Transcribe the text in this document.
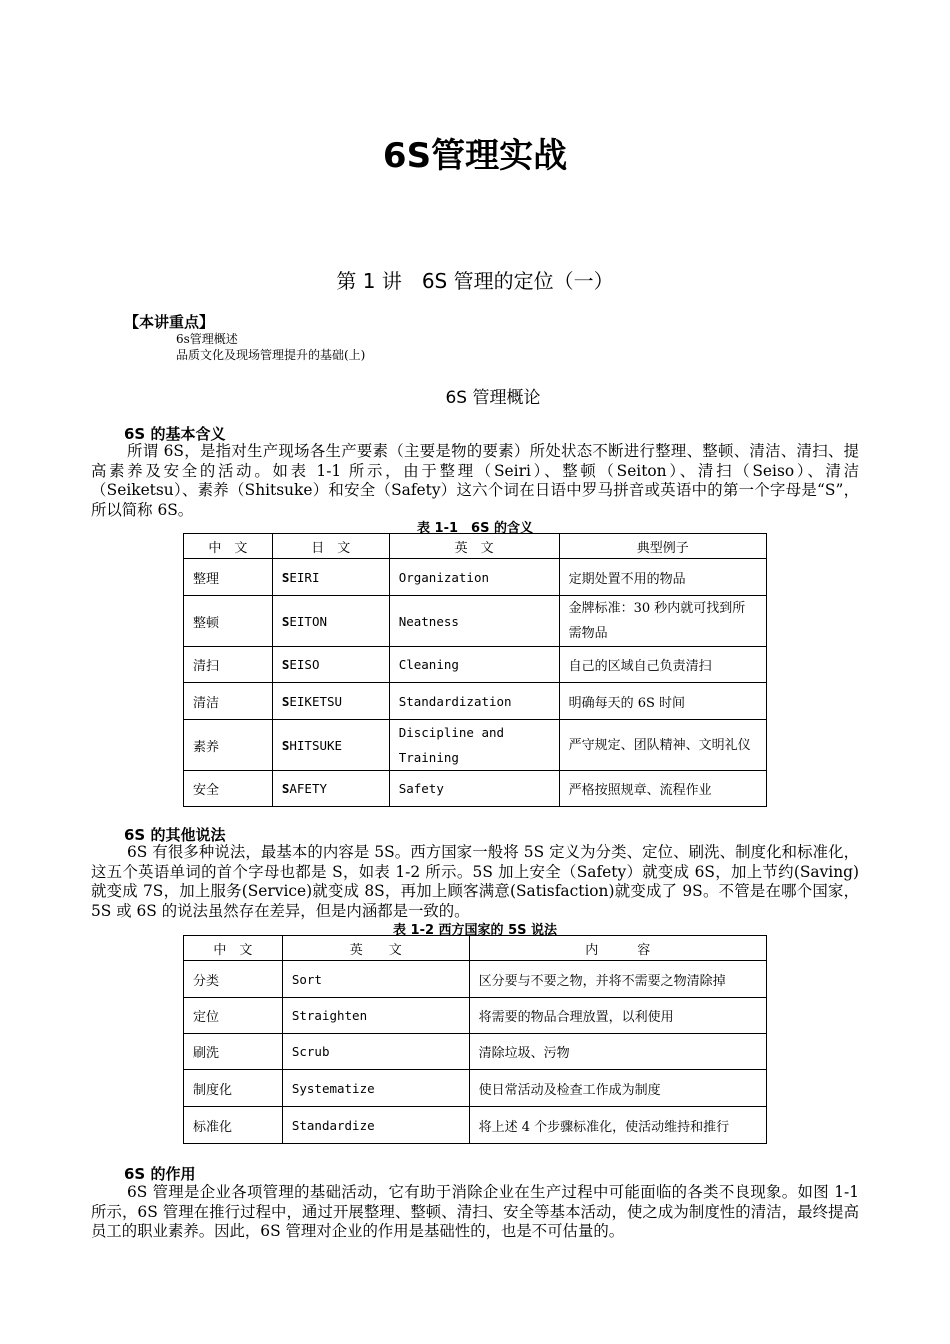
6S管理实战
第 1 讲　6S 管理的定位（一）
【本讲重点】
6s管理概述
品质文化及现场管理提升的基础(上)
6S 管理概论
6S 的基本含义

所谓 6S，是指对生产现场各生产要素（主要是物的要素）所处状态不断进行整理、整顿、清洁、清扫、提高素养及安全的活动。如表 1-1 所示，由于整理（Seiri）、整顿（Seiton）、清扫（Seiso）、清洁（Seiketsu）、素养（Shitsuke）和安全（Safety）这六个词在日语中罗马拼音或英语中的第一个字母是“S”，所以简称 6S。

表 1-1　6S 的含义
中　文	日　文	英　文	典型例子
整理	SEIRI	Organization	定期处置不用的物品
整顿	SEITON	Neatness	金牌标准：30 秒内就可找到所需物品
清扫	SEISO	Cleaning	自己的区域自己负责清扫
清洁	SEIKETSU	Standardization	明确每天的 6S 时间
素养	SHITSUKE	Discipline and Training	严守规定、团队精神、文明礼仪
安全	SAFETY	Safety	严格按照规章、流程作业
6S 的其他说法

6S 有很多种说法，最基本的内容是 5S。西方国家一般将 5S 定义为分类、定位、刷洗、制度化和标准化，这五个英语单词的首个字母也都是 S，如表 1-2 所示。5S 加上安全（Safety）就变成 6S，加上节约(Saving)就变成 7S，加上服务(Service)就变成 8S，再加上顾客满意(Satisfaction)就变成了 9S。不管是在哪个国家，5S 或 6S 的说法虽然存在差异，但是内涵都是一致的。

表 1-2 西方国家的 5S 说法
中　文	英　　文	内　　　容
分类	Sort	区分要与不要之物，并将不需要之物清除掉
定位	Straighten	将需要的物品合理放置，以利使用
刷洗	Scrub	清除垃圾、污物
制度化	Systematize	使日常活动及检查工作成为制度
标准化	Standardize	将上述 4 个步骤标准化，使活动维持和推行
6S 的作用

6S 管理是企业各项管理的基础活动，它有助于消除企业在生产过程中可能面临的各类不良现象。如图 1-1 所示，6S 管理在推行过程中，通过开展整理、整顿、清扫、安全等基本活动，使之成为制度性的清洁，最终提高员工的职业素养。因此，6S 管理对企业的作用是基础性的，也是不可估量的。
